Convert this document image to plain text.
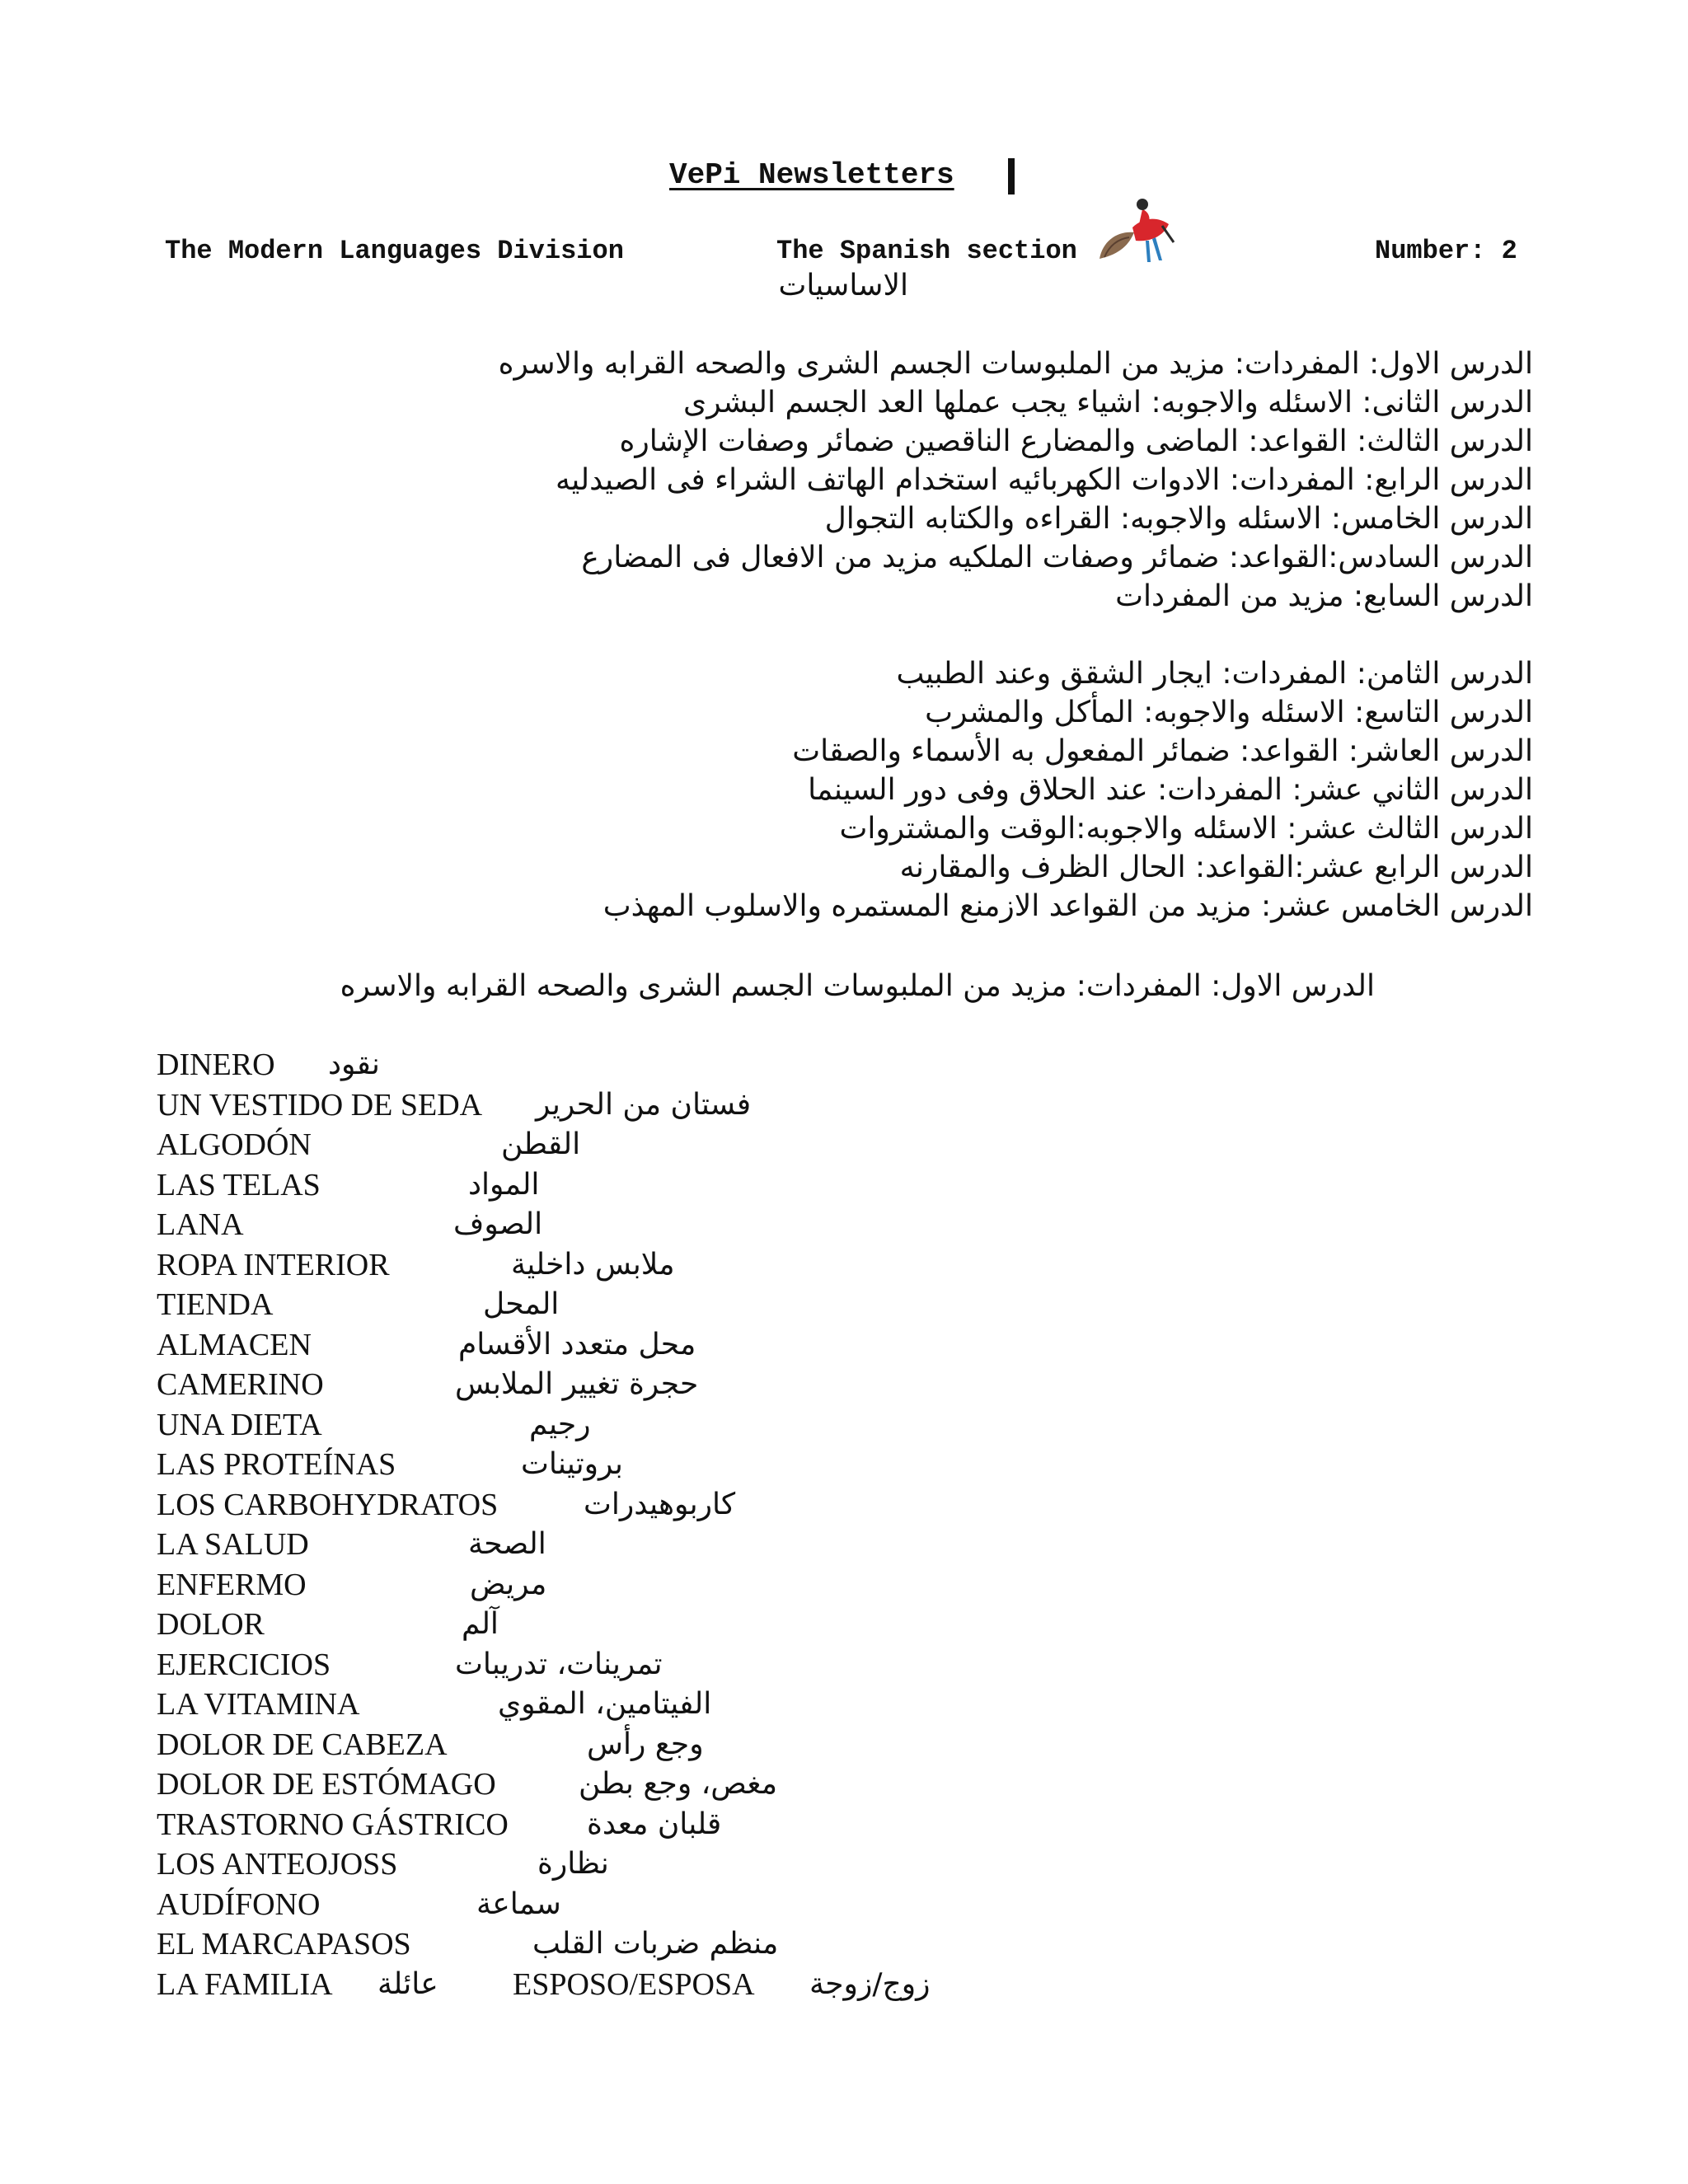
VePi Newsletters
The Modern Languages Division	The Spanish section	Number: 2
الاساسيات
الدرس الاول: المفردات: مزيد من الملبوسات الجسم الشرى والصحه القرابه والاسره
الدرس الثانى: الاسئله والاجوبه: اشياء يجب عملها العد الجسم البشرى
الدرس الثالث: القواعد: الماضى والمضارع الناقصين ضمائر وصفات الإشاره
الدرس الرابع: المفردات: الادوات الكهربائيه استخدام الهاتف الشراء فى الصيدليه
الدرس الخامس: الاسئله والاجوبه: القراءه والكتابه التجوال
الدرس السادس:القواعد: ضمائر وصفات الملكيه مزيد من الافعال فى المضارع
الدرس السابع: مزيد من المفردات
الدرس الثامن: المفردات: ايجار الشقق وعند الطبيب
الدرس التاسع: الاسئله والاجوبه: المأكل والمشرب
الدرس العاشر: القواعد: ضمائر المفعول به الأسماء والصقات
الدرس الثاني عشر: المفردات: عند الحلاق وفى دور السينما
الدرس الثالث عشر: الاسئله والاجوبه:الوقت والمشتروات
الدرس الرابع عشر:القواعد: الحال الظرف والمقارنه
الدرس الخامس عشر: مزيد من القواعد الازمنع المستمره والاسلوب المهذب
الدرس الاول: المفردات: مزيد من الملبوسات الجسم الشرى والصحه القرابه والاسره
DINERO نقود
UN VESTIDO DE SEDA فستان من الحرير
ALGODÓN	القطن
LAS TELAS	المواد
LANA	الصوف
ROPA INTERIOR	ملابس داخلية
TIENDA	المحل
ALMACEN	محل متعدد الأقسام
CAMERINO	حجرة تغيير الملابس
UNA DIETA	رجيم
LAS PROTEÍNAS	بروتينات
LOS CARBOHYDRATOS	كاربوهيدرات
LA SALUD	الصحة
ENFERMO	مريض
DOLOR	آلم
EJERCICIOS	تمرينات، تدريبات
LA VITAMINA	الفيتامين، المقوي
DOLOR DE CABEZA	وجع رأس
DOLOR DE ESTÓMAGO	مغص، وجع بطن
TRASTORNO GÁSTRICO	قلبان معدة
LOS ANTEOJOSS	نظارة
AUDÍFONO	سماعة
EL MARCAPASOS	منظم ضربات القلب
LA FAMILIA عائلة ESPOSO/ESPOSA زوج/زوجة
